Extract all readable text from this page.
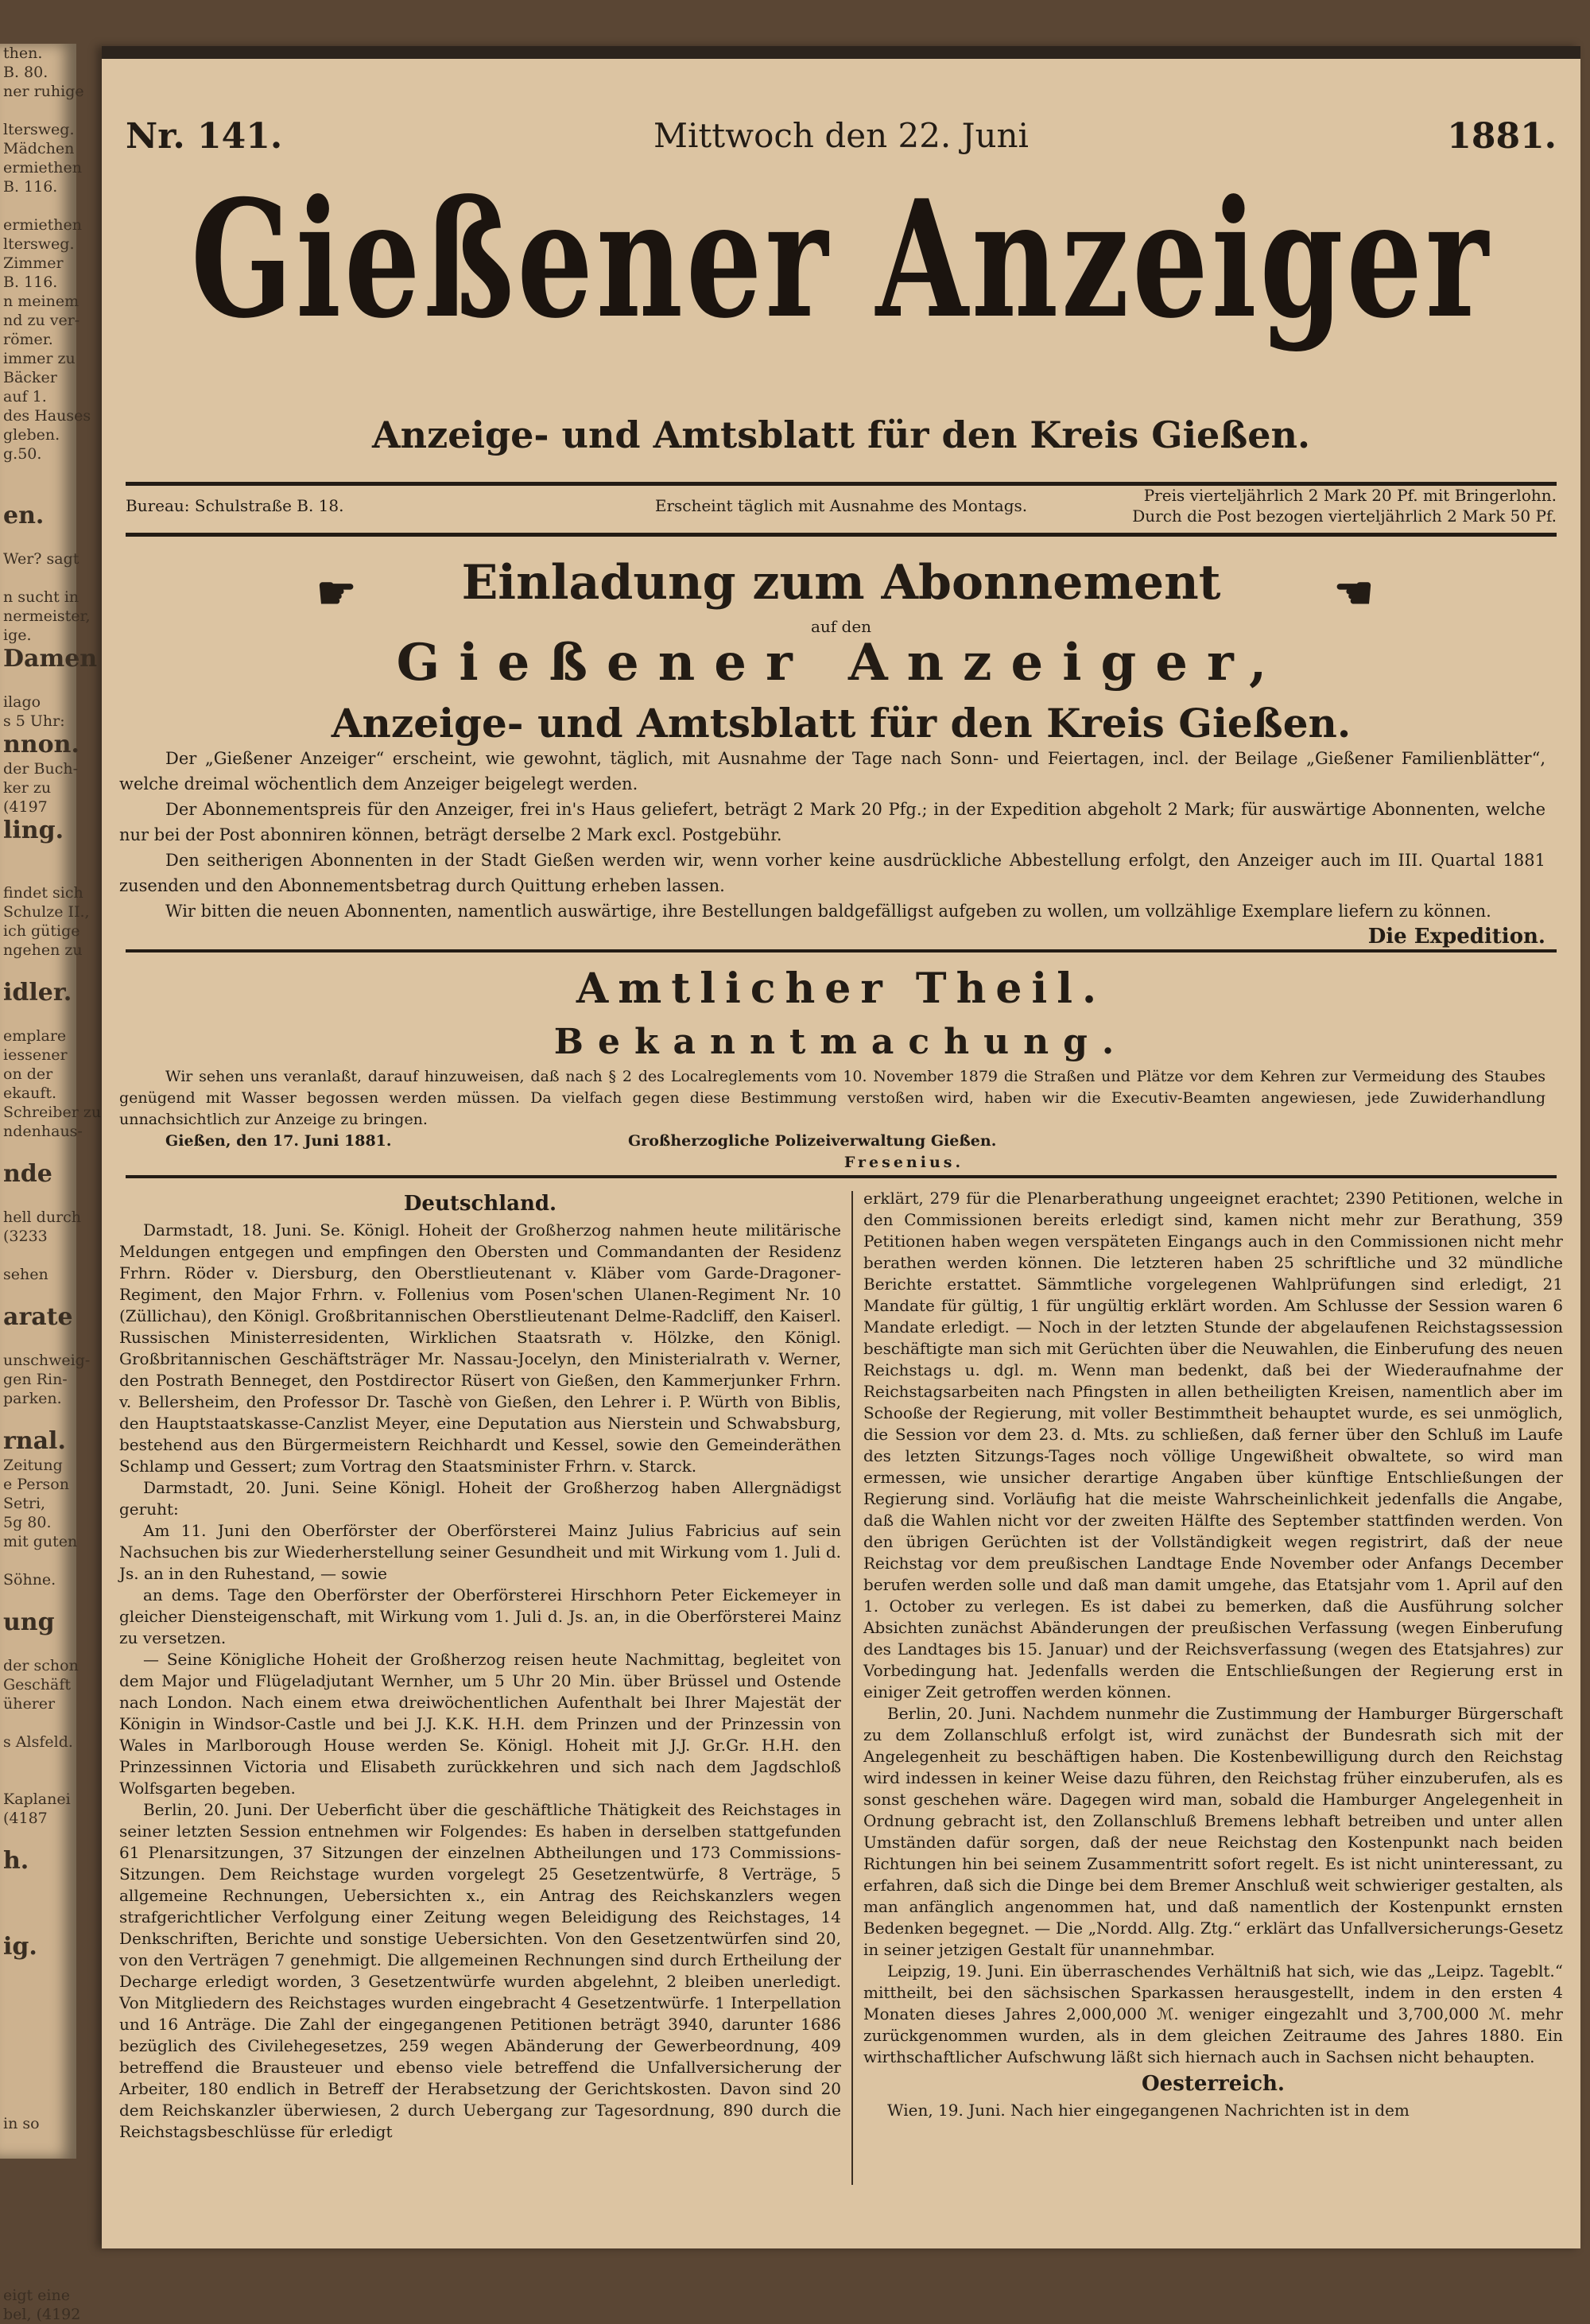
then.
B. 80.
ner ruhige

ltersweg.
Mädchen
ermiethen
B. 116.

ermiethen
ltersweg.
Zimmer
B. 116.
n meinem
nd zu ver-
römer.
immer zu
Bäcker
auf 1.
des Hauses
gleben.
g.50.

en.

Wer? sagt

n sucht in
nermeister,
ige.
Damen

ilago
s 5 Uhr:
nnon.
der Buch-
ker zu
(4197
ling.

findet sich
Schulze II.,
ich gütige
ngehen zu

idler.

emplare
iessener
on der
ekauft.
Schreiber zu
ndenhaus-

nde

hell durch
(3233

sehen

arate

unschweig-
gen Rin-
parken.

rnal.
Zeitung
e Person
Setri,
5g 80.
mit guten

Söhne.

ung

der schon
Geschäft
üherer

s Alsfeld.

Kaplanei
(4187

h.

ig.

in so

eigt eine
bel, (4192
Nr. 141.	Mittwoch den 22. Juni	1881.
Gießener Anzeiger
Anzeige- und Amtsblatt für den Kreis Gießen.
Bureau: Schulstraße B. 18.	Erscheint täglich mit Ausnahme des Montags.
Preis vierteljährlich 2 Mark 20 Pf. mit Bringerlohn.
Durch die Post bezogen vierteljährlich 2 Mark 50 Pf.
☛	Einladung zum Abonnement	☚
auf den
Gießener Anzeiger,
Anzeige- und Amtsblatt für den Kreis Gießen.

Der „Gießener Anzeiger“ erscheint, wie gewohnt, täglich, mit Ausnahme der Tage nach Sonn- und Feiertagen, incl. der Beilage „Gießener Familienblätter“, welche dreimal wöchentlich dem Anzeiger beigelegt werden.

Der Abonnementspreis für den Anzeiger, frei in's Haus geliefert, beträgt 2 Mark 20 Pfg.; in der Expedition abgeholt 2 Mark; für auswärtige Abonnenten, welche nur bei der Post abonniren können, beträgt derselbe 2 Mark excl. Postgebühr.

Den seitherigen Abonnenten in der Stadt Gießen werden wir, wenn vorher keine ausdrückliche Abbestellung erfolgt, den Anzeiger auch im III. Quartal 1881 zusenden und den Abonnementsbetrag durch Quittung erheben lassen.

Wir bitten die neuen Abonnenten, namentlich auswärtige, ihre Bestellungen baldgefälligst aufgeben zu wollen, um vollzählige Exemplare liefern zu können.

Die Expedition.
Amtlicher Theil.
Bekanntmachung.

Wir sehen uns veranlaßt, darauf hinzuweisen, daß nach § 2 des Localreglements vom 10. November 1879 die Straßen und Plätze vor dem Kehren zur Vermeidung des Staubes genügend mit Wasser begossen werden müssen. Da vielfach gegen diese Bestimmung verstoßen wird, haben wir die Executiv-Beamten angewiesen, jede Zuwiderhandlung unnachsichtlich zur Anzeige zu bringen.

Gießen, den 17. Juni 1881.	Großherzogliche Polizeiverwaltung Gießen.
Fresenius.

Deutschland.

Darmstadt, 18. Juni. Se. Königl. Hoheit der Großherzog nahmen heute militärische Meldungen entgegen und empfingen den Obersten und Commandanten der Residenz Frhrn. Röder v. Diersburg, den Oberstlieutenant v. Kläber vom Garde-Dragoner-Regiment, den Major Frhrn. v. Follenius vom Posen'schen Ulanen-Regiment Nr. 10 (Züllichau), den Königl. Großbritannischen Oberstlieutenant Delme-Radcliff, den Kaiserl. Russischen Ministerresidenten, Wirklichen Staatsrath v. Hölzke, den Königl. Großbritannischen Geschäftsträger Mr. Nassau-Jocelyn, den Ministerialrath v. Werner, den Postrath Benneget, den Postdirector Rüsert von Gießen, den Kammerjunker Frhrn. v. Bellersheim, den Professor Dr. Taschè von Gießen, den Lehrer i. P. Würth von Biblis, den Hauptstaatskasse-Canzlist Meyer, eine Deputation aus Nierstein und Schwabsburg, bestehend aus den Bürgermeistern Reichhardt und Kessel, sowie den Gemeinderäthen Schlamp und Gessert; zum Vortrag den Staatsminister Frhrn. v. Starck.

Darmstadt, 20. Juni. Seine Königl. Hoheit der Großherzog haben Allergnädigst geruht:

Am 11. Juni den Oberförster der Oberförsterei Mainz Julius Fabricius auf sein Nachsuchen bis zur Wiederherstellung seiner Gesundheit und mit Wirkung vom 1. Juli d. Js. an in den Ruhestand, — sowie

an dems. Tage den Oberförster der Oberförsterei Hirschhorn Peter Eickemeyer in gleicher Diensteigenschaft, mit Wirkung vom 1. Juli d. Js. an, in die Oberförsterei Mainz zu versetzen.

— Seine Königliche Hoheit der Großherzog reisen heute Nachmittag, begleitet von dem Major und Flügeladjutant Wernher, um 5 Uhr 20 Min. über Brüssel und Ostende nach London. Nach einem etwa dreiwöchentlichen Aufenthalt bei Ihrer Majestät der Königin in Windsor-Castle und bei J.J. K.K. H.H. dem Prinzen und der Prinzessin von Wales in Marlborough House werden Se. Königl. Hoheit mit J.J. Gr.Gr. H.H. den Prinzessinnen Victoria und Elisabeth zurückkehren und sich nach dem Jagdschloß Wolfsgarten begeben.

Berlin, 20. Juni. Der Ueberficht über die geschäftliche Thätigkeit des Reichstages in seiner letzten Session entnehmen wir Folgendes: Es haben in derselben stattgefunden 61 Plenarsitzungen, 37 Sitzungen der einzelnen Abtheilungen und 173 Commissions-Sitzungen. Dem Reichstage wurden vorgelegt 25 Gesetzentwürfe, 8 Verträge, 5 allgemeine Rechnungen, Uebersichten x., ein Antrag des Reichskanzlers wegen strafgerichtlicher Verfolgung einer Zeitung wegen Beleidigung des Reichstages, 14 Denkschriften, Berichte und sonstige Uebersichten. Von den Gesetzentwürfen sind 20, von den Verträgen 7 genehmigt. Die allgemeinen Rechnungen sind durch Ertheilung der Decharge erledigt worden, 3 Gesetzentwürfe wurden abgelehnt, 2 bleiben unerledigt. Von Mitgliedern des Reichstages wurden eingebracht 4 Gesetzentwürfe. 1 Interpellation und 16 Anträge. Die Zahl der eingegangenen Petitionen beträgt 3940, darunter 1686 bezüglich des Civilehegesetzes, 259 wegen Abänderung der Gewerbeordnung, 409 betreffend die Brausteuer und ebenso viele betreffend die Unfallversicherung der Arbeiter, 180 endlich in Betreff der Herabsetzung der Gerichtskosten. Davon sind 20 dem Reichskanzler überwiesen, 2 durch Uebergang zur Tagesordnung, 890 durch die Reichstagsbeschlüsse für erledigt

erklärt, 279 für die Plenarberathung ungeeignet erachtet; 2390 Petitionen, welche in den Commissionen bereits erledigt sind, kamen nicht mehr zur Berathung, 359 Petitionen haben wegen verspäteten Eingangs auch in den Commissionen nicht mehr berathen werden können. Die letzteren haben 25 schriftliche und 32 mündliche Berichte erstattet. Sämmtliche vorgelegenen Wahlprüfungen sind erledigt, 21 Mandate für gültig, 1 für ungültig erklärt worden. Am Schlusse der Session waren 6 Mandate erledigt. — Noch in der letzten Stunde der abgelaufenen Reichstagssession beschäftigte man sich mit Gerüchten über die Neuwahlen, die Einberufung des neuen Reichstags u. dgl. m. Wenn man bedenkt, daß bei der Wiederaufnahme der Reichstagsarbeiten nach Pfingsten in allen betheiligten Kreisen, namentlich aber im Schooße der Regierung, mit voller Bestimmtheit behauptet wurde, es sei unmöglich, die Session vor dem 23. d. Mts. zu schließen, daß ferner über den Schluß im Laufe des letzten Sitzungs-Tages noch völlige Ungewißheit obwaltete, so wird man ermessen, wie unsicher derartige Angaben über künftige Entschließungen der Regierung sind. Vorläufig hat die meiste Wahrscheinlichkeit jedenfalls die Angabe, daß die Wahlen nicht vor der zweiten Hälfte des September stattfinden werden. Von den übrigen Gerüchten ist der Vollständigkeit wegen registrirt, daß der neue Reichstag vor dem preußischen Landtage Ende November oder Anfangs December berufen werden solle und daß man damit umgehe, das Etatsjahr vom 1. April auf den 1. October zu verlegen. Es ist dabei zu bemerken, daß die Ausführung solcher Absichten zunächst Abänderungen der preußischen Verfassung (wegen Einberufung des Landtages bis 15. Januar) und der Reichsverfassung (wegen des Etatsjahres) zur Vorbedingung hat. Jedenfalls werden die Entschließungen der Regierung erst in einiger Zeit getroffen werden können.

Berlin, 20. Juni. Nachdem nunmehr die Zustimmung der Hamburger Bürgerschaft zu dem Zollanschluß erfolgt ist, wird zunächst der Bundesrath sich mit der Angelegenheit zu beschäftigen haben. Die Kostenbewilligung durch den Reichstag wird indessen in keiner Weise dazu führen, den Reichstag früher einzuberufen, als es sonst geschehen wäre. Dagegen wird man, sobald die Hamburger Angelegenheit in Ordnung gebracht ist, den Zollanschluß Bremens lebhaft betreiben und unter allen Umständen dafür sorgen, daß der neue Reichstag den Kostenpunkt nach beiden Richtungen hin bei seinem Zusammentritt sofort regelt. Es ist nicht uninteressant, zu erfahren, daß sich die Dinge bei dem Bremer Anschluß weit schwieriger gestalten, als man anfänglich angenommen hat, und daß namentlich der Kostenpunkt ernsten Bedenken begegnet. — Die „Nordd. Allg. Ztg.“ erklärt das Unfallversicherungs-Gesetz in seiner jetzigen Gestalt für unannehmbar.

Leipzig, 19. Juni. Ein überraschendes Verhältniß hat sich, wie das „Leipz. Tageblt.“ mittheilt, bei den sächsischen Sparkassen herausgestellt, indem in den ersten 4 Monaten dieses Jahres 2,000,000 ℳ. weniger eingezahlt und 3,700,000 ℳ. mehr zurückgenommen wurden, als in dem gleichen Zeitraume des Jahres 1880. Ein wirthschaftlicher Aufschwung läßt sich hiernach auch in Sachsen nicht behaupten.

Oesterreich.

Wien, 19. Juni. Nach hier eingegangenen Nachrichten ist in dem
